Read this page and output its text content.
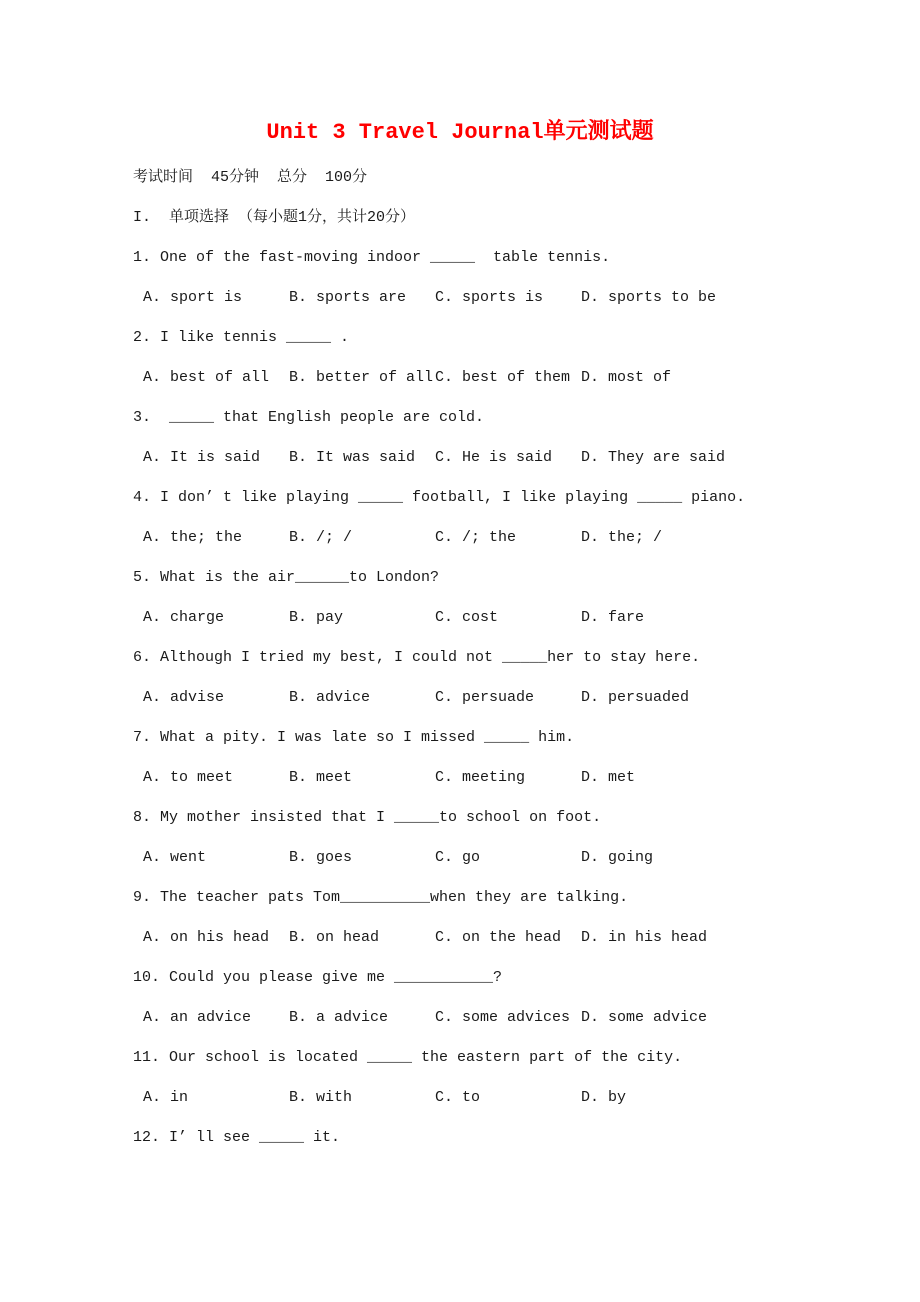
Unit 3 Travel Journal单元测试题
考试时间  45分钟  总分  100分
I.  单项选择 （每小题1分，共计20分）
1. One of the fast-moving indoor _____  table tennis.
A. sport is	B. sports are C. sports is	D. sports to be
2. I like tennis _____ .
A. best of all B. better of all C. best of them D. most of
3.  _____ that English people are cold.
A. It is said B. It was said C. He is said D. They are said
4. I don’ t like playing _____ football, I like playing _____ piano.
A. the; the	B. /; /	C. /; the	D. the; /
5. What is the air______to London?
A. charge	B. pay	C. cost	D. fare
6. Although I tried my best, I could not _____her to stay here.
A. advise	B. advice	C. persuade	D. persuaded
7. What a pity. I was late so I missed _____ him.
A. to meet	B. meet	C. meeting	D. met
8. My mother insisted that I _____to school on foot.
A. went	B. goes	C. go	D. going
9. The teacher pats Tom__________when they are talking.
A. on his head B. on head	C. on the head D. in his head
10. Could you please give me ___________?
A. an advice	B. a advice	C. some advices D. some advice
11. Our school is located _____ the eastern part of the city.
A. in	B. with	C. to	D. by
12. I’ ll see _____ it.
